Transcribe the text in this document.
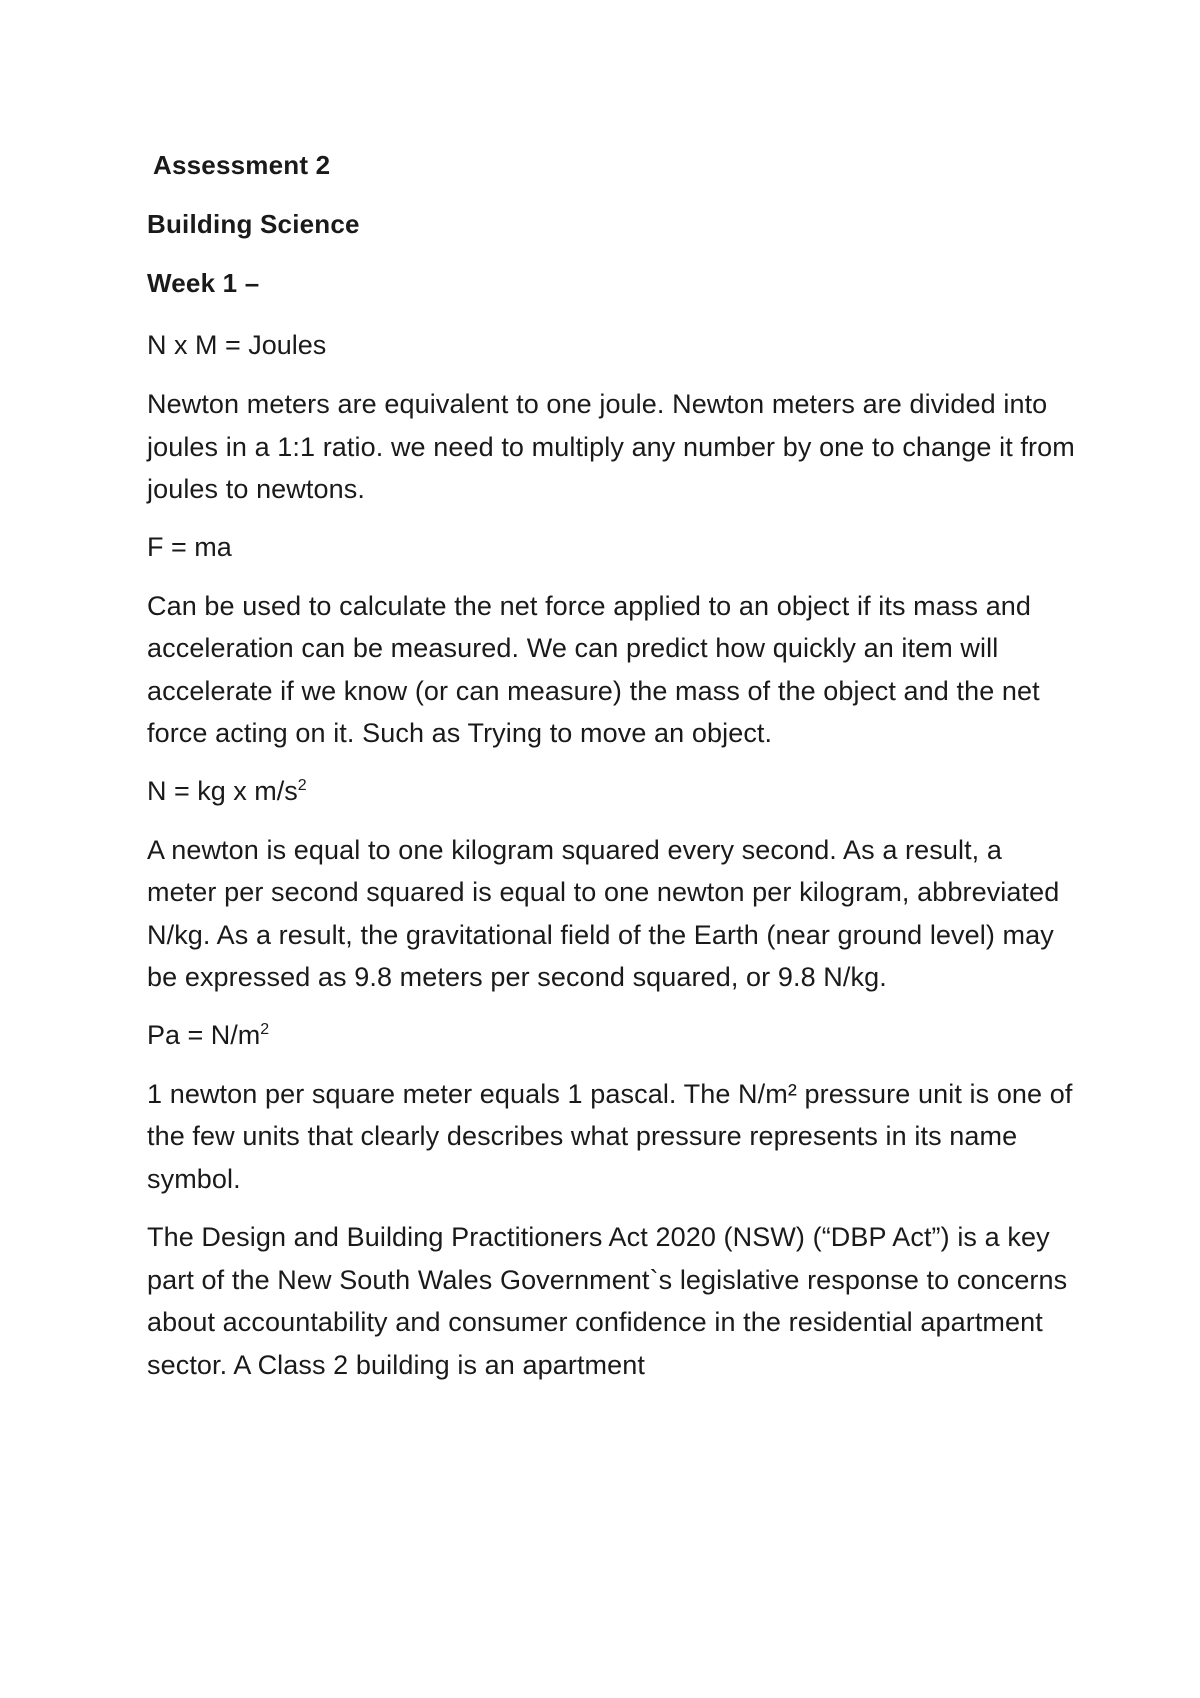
Assessment 2
Building Science
Week 1 –
N x M = Joules
Newton meters are equivalent to one joule. Newton meters are divided into joules in a 1:1 ratio. we need to multiply any number by one to change it from joules to newtons.
F = ma
Can be used to calculate the net force applied to an object if its mass and acceleration can be measured. We can predict how quickly an item will accelerate if we know (or can measure) the mass of the object and the net force acting on it. Such as Trying to move an object.
N = kg x $m/s^2$
A newton is equal to one kilogram squared every second. As a result, a meter per second squared is equal to one newton per kilogram, abbreviated N/kg. As a result, the gravitational field of the Earth (near ground level) may be expressed as 9.8 meters per second squared, or 9.8 N/kg.
$Pa = N/m^2$
1 newton per square meter equals 1 pascal. The N/m² pressure unit is one of the few units that clearly describes what pressure represents in its name symbol.
The Design and Building Practitioners Act 2020 (NSW) (“DBP Act”) is a key part of the New South Wales Government`s legislative response to concerns about accountability and consumer confidence in the residential apartment sector. A Class 2 building is an apartment
